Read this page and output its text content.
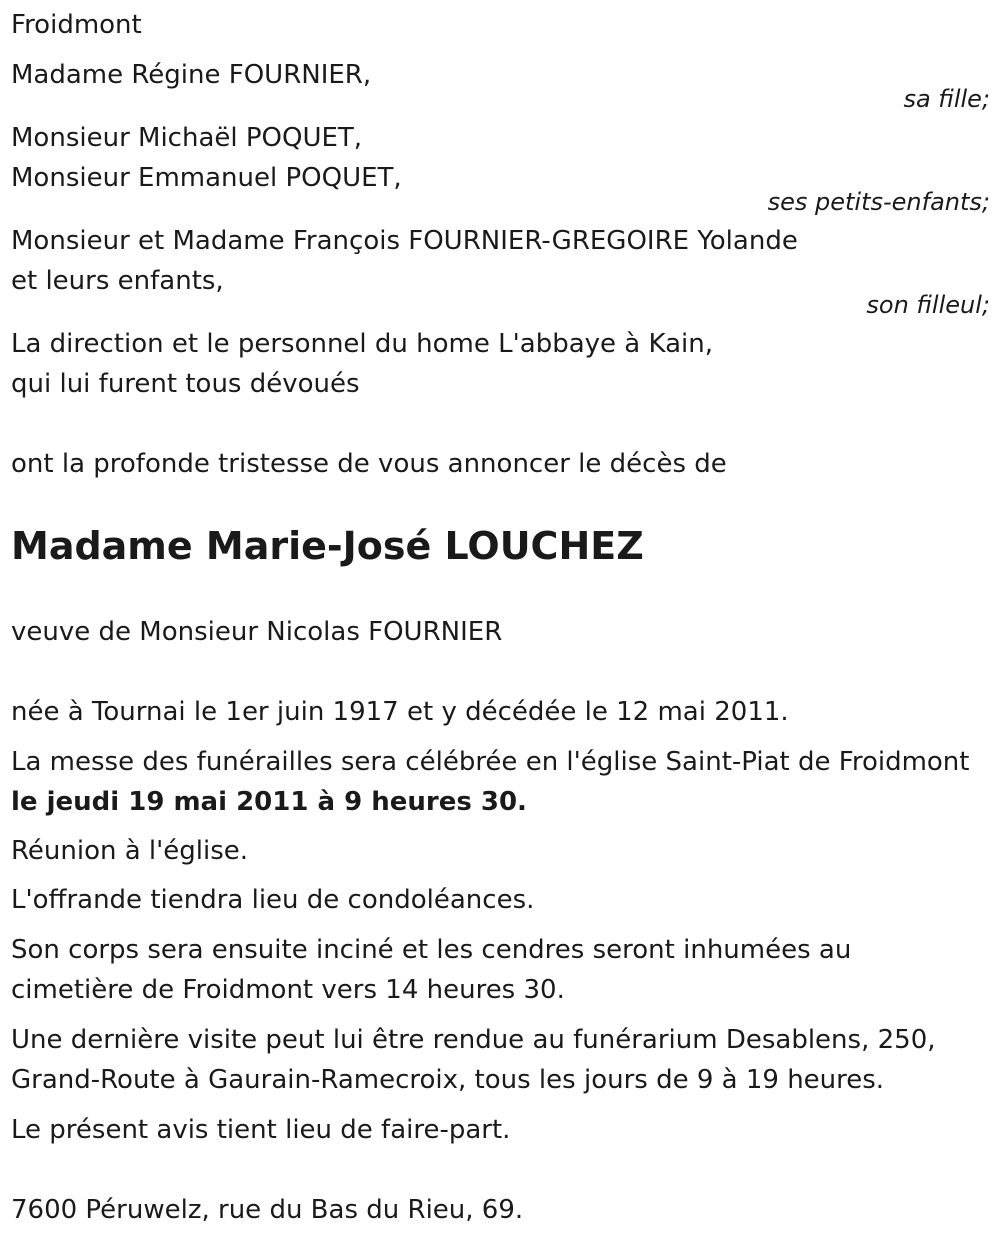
Froidmont

Madame Régine FOURNIER,

sa fille;

Monsieur Michaël POQUET,

Monsieur Emmanuel POQUET,

ses petits-enfants;

Monsieur et Madame François FOURNIER-GREGOIRE Yolande

et leurs enfants,

son filleul;

La direction et le personnel du home L'abbaye à Kain,

qui lui furent tous dévoués

ont la profonde tristesse de vous annoncer le décès de

Madame Marie-José LOUCHEZ

veuve de Monsieur Nicolas FOURNIER

née à Tournai le 1er juin 1917 et y décédée le 12 mai 2011.

La messe des funérailles sera célébrée en l'église Saint-Piat de Froidmont

le jeudi 19 mai 2011 à 9 heures 30.

Réunion à l'église.

L'offrande tiendra lieu de condoléances.

Son corps sera ensuite inciné et les cendres seront inhumées au

cimetière de Froidmont vers 14 heures 30.

Une dernière visite peut lui être rendue au funérarium Desablens, 250,

Grand-Route à Gaurain-Ramecroix, tous les jours de 9 à 19 heures.

Le présent avis tient lieu de faire-part.

7600 Péruwelz, rue du Bas du Rieu, 69.
